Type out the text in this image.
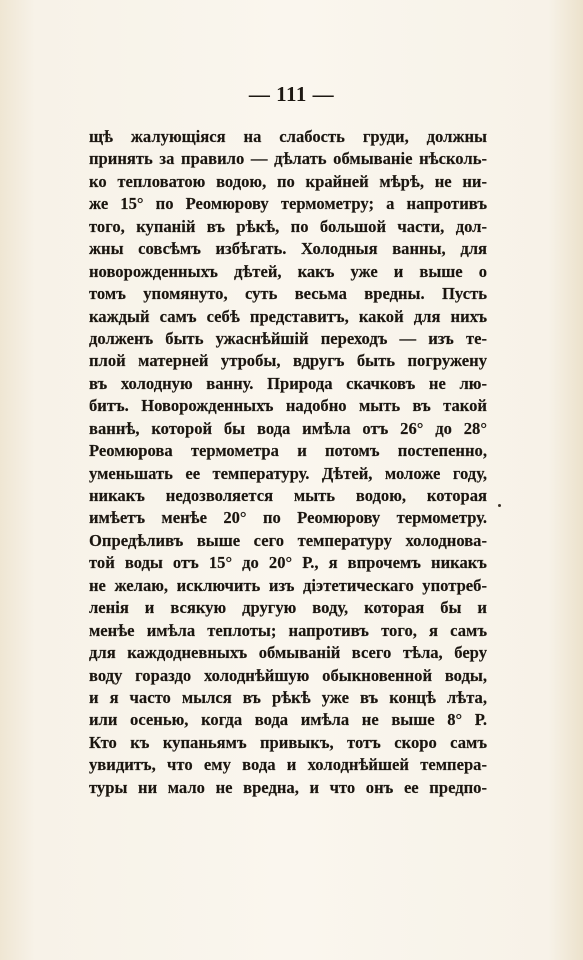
— 111 —
щѣ жалующіяся на слабость груди, должны
принять за правило — дѣлать обмываніе нѣсколь-
ко тепловатою водою, по крайней мѣрѣ, не ни-
же 15° по Реомюрову термометру; а напротивъ
того, купаній въ рѣкѣ, по большой части, дол-
жны совсѣмъ избѣгать. Холодныя ванны, для
новорожденныхъ дѣтей, какъ уже и выше о
томъ упомянуто, суть весьма вредны. Пусть
каждый самъ себѣ представитъ, какой для нихъ
долженъ быть ужаснѣйшій переходъ — изъ те-
плой матерней утробы, вдругъ быть погружену
въ холодную ванну. Природа скачковъ не лю-
битъ. Новорожденныхъ надобно мыть въ такой
ваннѣ, которой бы вода имѣла отъ 26° до 28°
Реомюрова термометра и потомъ постепенно,
уменьшать ее температуру. Дѣтей, моложе году,
никакъ недозволяется мыть водою, которая
имѣетъ менѣе 20° по Реомюрову термометру.
Опредѣливъ выше сего температуру холоднова-
той воды отъ 15° до 20° Р., я впрочемъ никакъ
не желаю, исключить изъ діэтетическаго употреб-
ленія и всякую другую воду, которая бы и
менѣе имѣла теплоты; напротивъ того, я самъ
для каждодневныхъ обмыванiй всего тѣла, беру
воду гораздо холоднѣйшую обыкновенной воды,
и я часто мылся въ рѣкѣ уже въ концѣ лѣта,
или осенью, когда вода имѣла не выше 8° Р.
Кто къ купаньямъ привыкъ, тотъ скоро самъ
увидитъ, что ему вода и холоднѣйшей темпера-
туры ни мало не вредна, и что онъ ее предпо-
